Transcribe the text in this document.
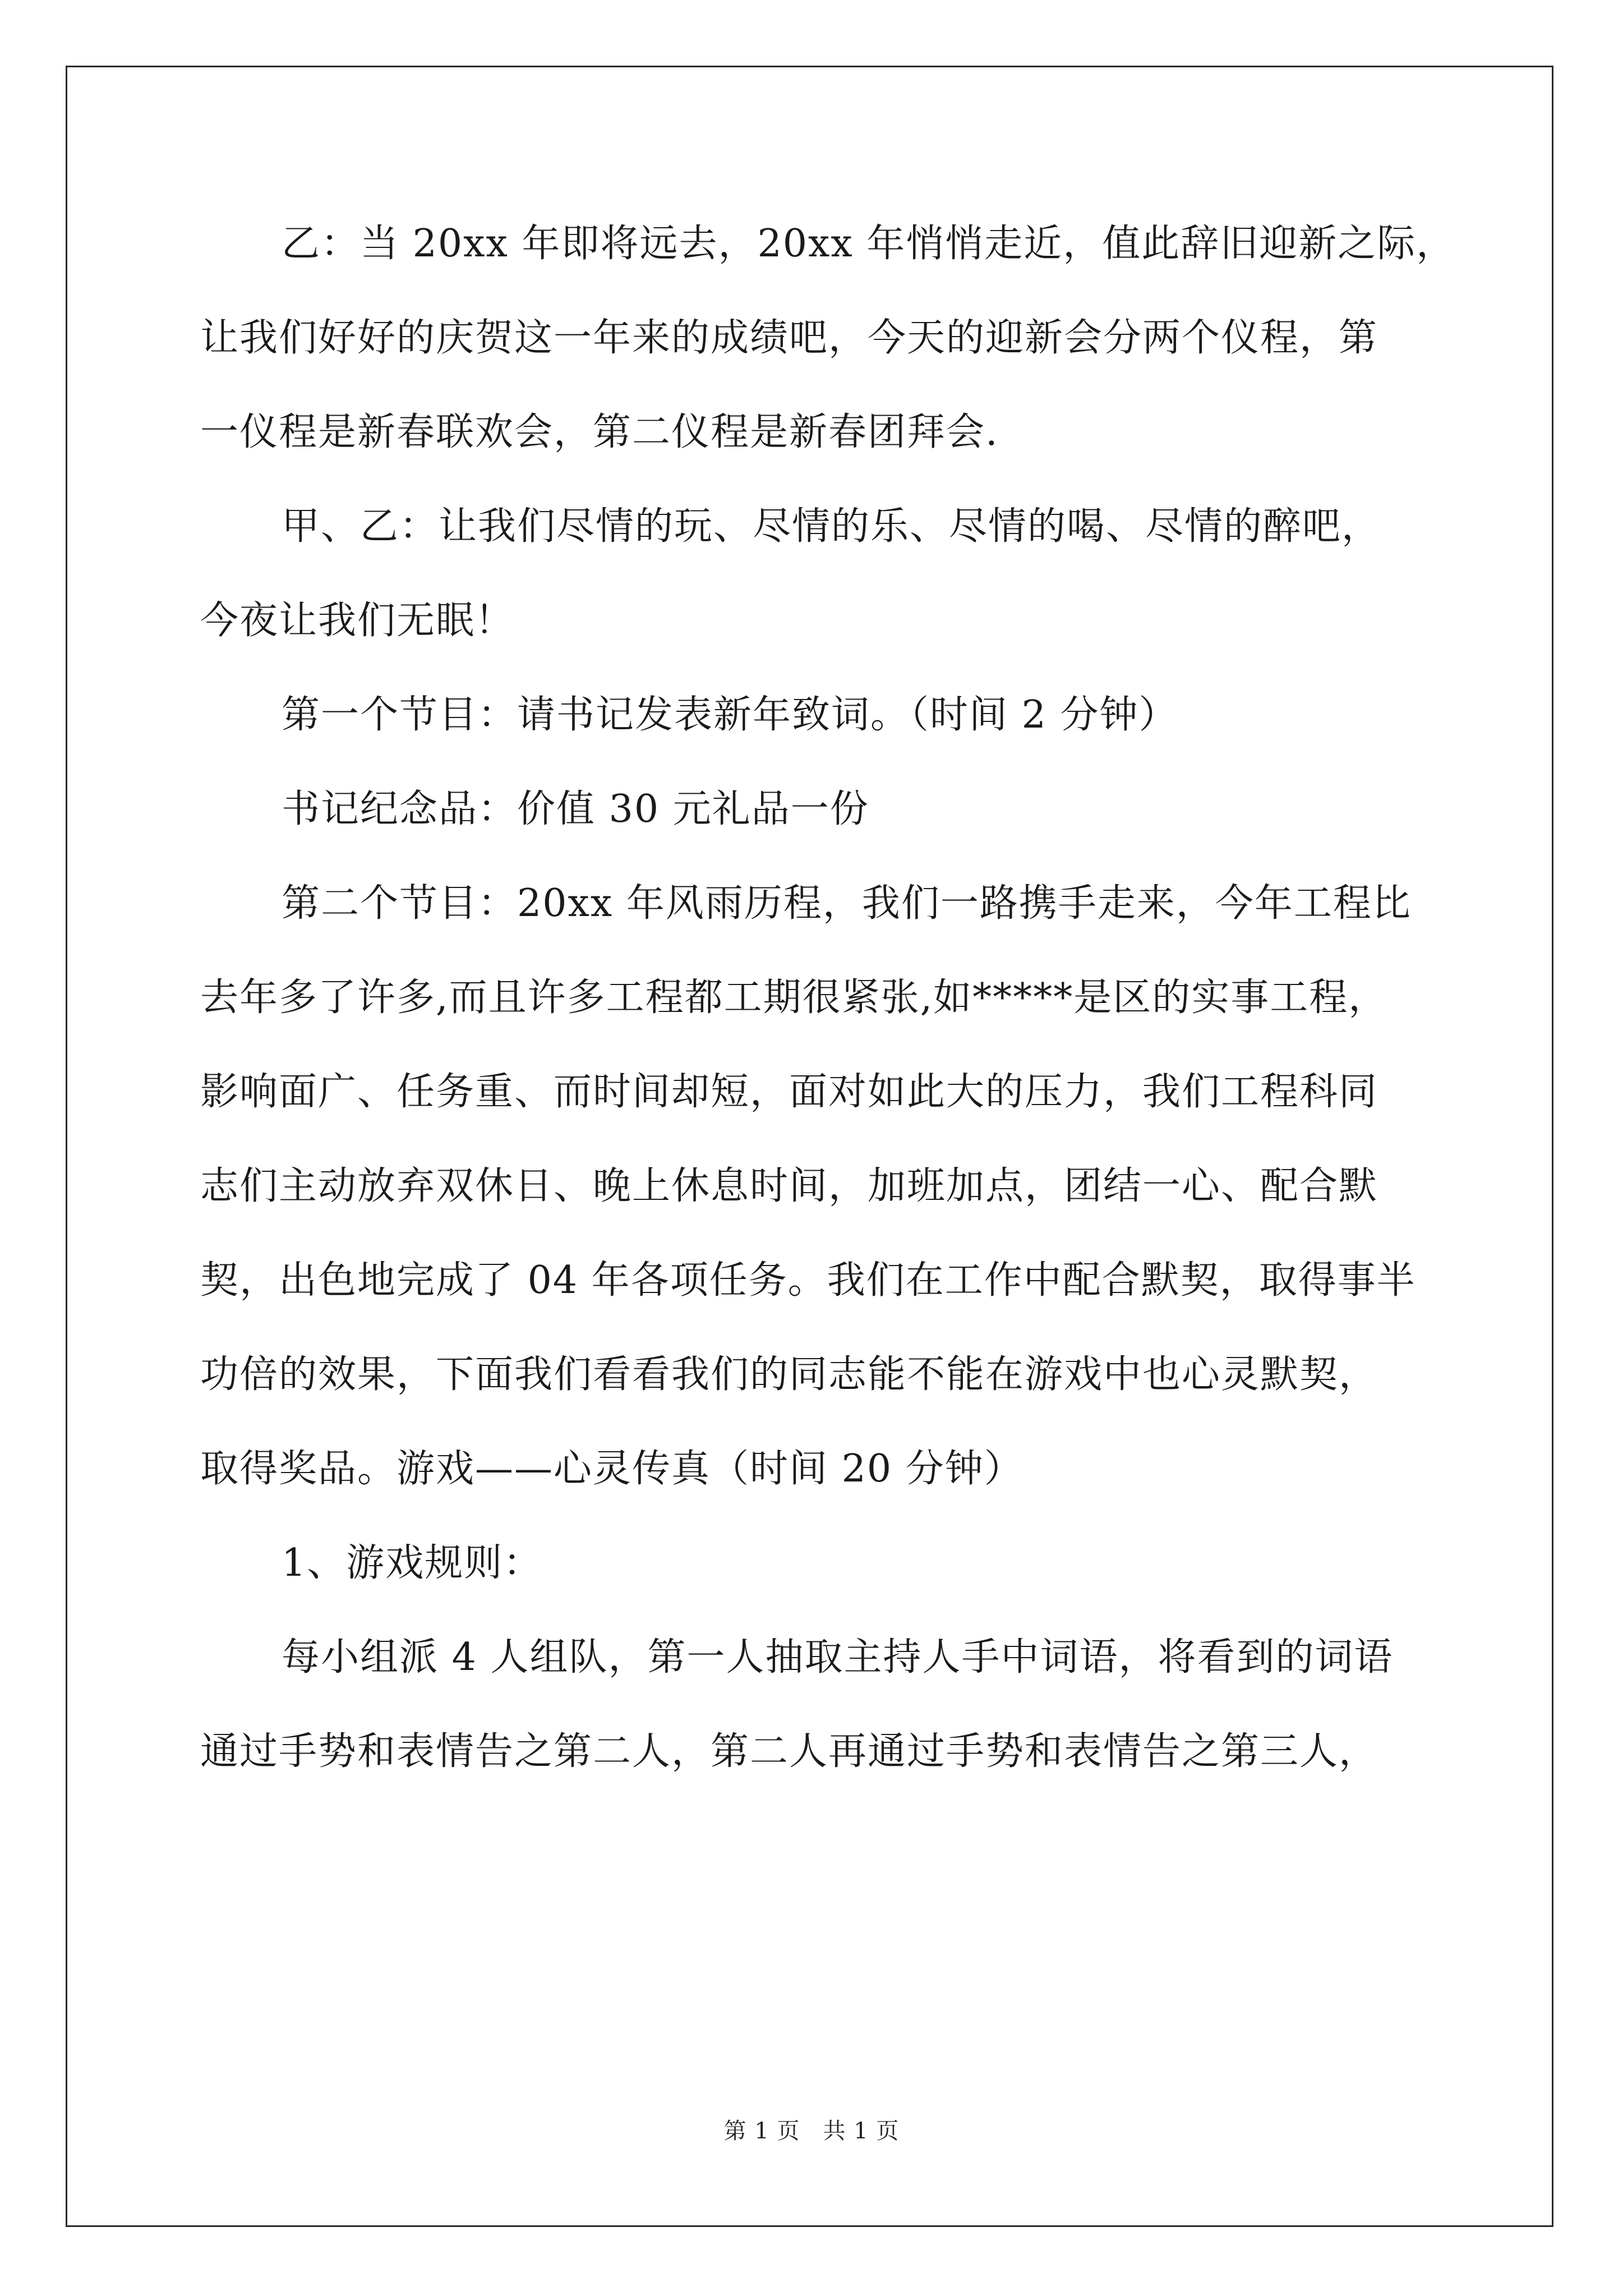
乙：当 20xx 年即将远去，20xx 年悄悄走近，值此辞旧迎新之际，

让我们好好的庆贺这一年来的成绩吧，今天的迎新会分两个仪程，第

一仪程是新春联欢会，第二仪程是新春团拜会.

甲、乙：让我们尽情的玩、尽情的乐、尽情的喝、尽情的醉吧，

今夜让我们无眠！

第一个节目：请书记发表新年致词。（时间 2 分钟）

书记纪念品：价值 30 元礼品一份

第二个节目：20xx 年风雨历程，我们一路携手走来，今年工程比

去年多了许多,而且许多工程都工期很紧张,如*****是区的实事工程，

影响面广、任务重、而时间却短，面对如此大的压力，我们工程科同

志们主动放弃双休日、晚上休息时间，加班加点，团结一心、配合默

契，出色地完成了 04 年各项任务。我们在工作中配合默契，取得事半

功倍的效果，下面我们看看我们的同志能不能在游戏中也心灵默契，

取得奖品。游戏——心灵传真（时间 20 分钟）

1、游戏规则：

每小组派 4 人组队，第一人抽取主持人手中词语，将看到的词语

通过手势和表情告之第二人，第二人再通过手势和表情告之第三人，

第 1 页　共 1 页
